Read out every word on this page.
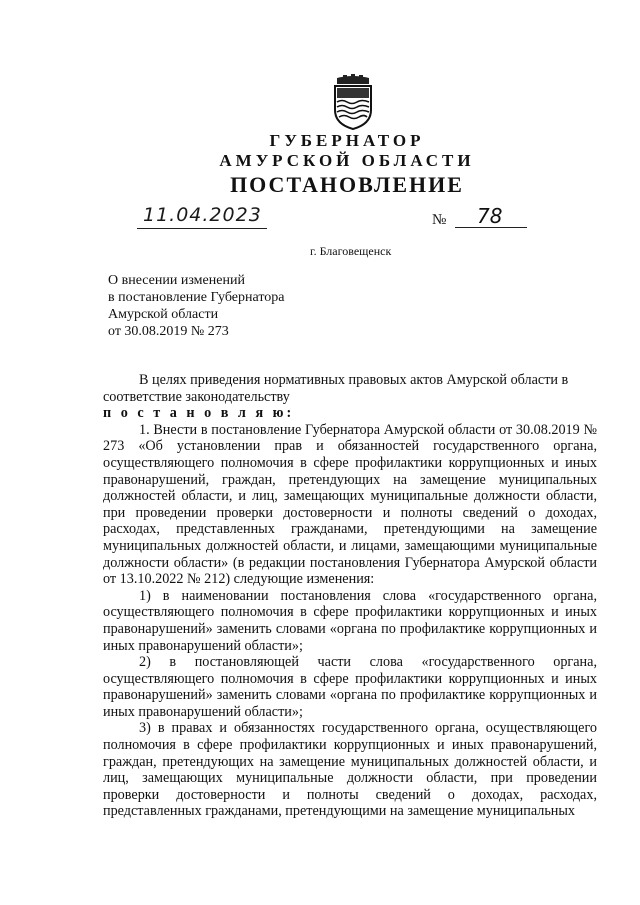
ГУБЕРНАТОР
АМУРСКОЙ ОБЛАСТИ
ПОСТАНОВЛЕНИЕ
11.04.2023	№	78
г. Благовещенск
О внесении изменений
в постановление Губернатора
Амурской области
от 30.08.2019 № 273

В целях приведения нормативных правовых актов Амурской области в

соответствие законодательству

п о с т а н о в л я ю:

1. Внести в постановление Губернатора Амурской области от 30.08.2019 № 273 «Об установлении прав и обязанностей государственного органа, осуществляющего полномочия в сфере профилактики коррупционных и иных правонарушений, граждан, претендующих на замещение муниципальных должностей области, и лиц, замещающих муниципальные должности области, при проведении проверки достоверности и полноты сведений о доходах, расходах, представленных гражданами, претендующими на замещение муниципальных должностей области, и лицами, замещающими муниципальные должности области» (в редакции постановления Губернатора Амурской области от 13.10.2022 № 212) следующие изменения:

1) в наименовании постановления слова «государственного органа, осуществляющего полномочия в сфере профилактики коррупционных и иных правонарушений» заменить словами «органа по профилактике коррупционных и иных правонарушений области»;

2) в постановляющей части слова «государственного органа, осуществляющего полномочия в сфере профилактики коррупционных и иных правонарушений» заменить словами «органа по профилактике коррупционных и иных правонарушений области»;

3) в правах и обязанностях государственного органа, осуществляющего полномочия в сфере профилактики коррупционных и иных правонарушений, граждан, претендующих на замещение муниципальных должностей области, и лиц, замещающих муниципальные должности области, при проведении проверки достоверности и полноты сведений о доходах, расходах, представленных гражданами, претендующими на замещение муниципальных
